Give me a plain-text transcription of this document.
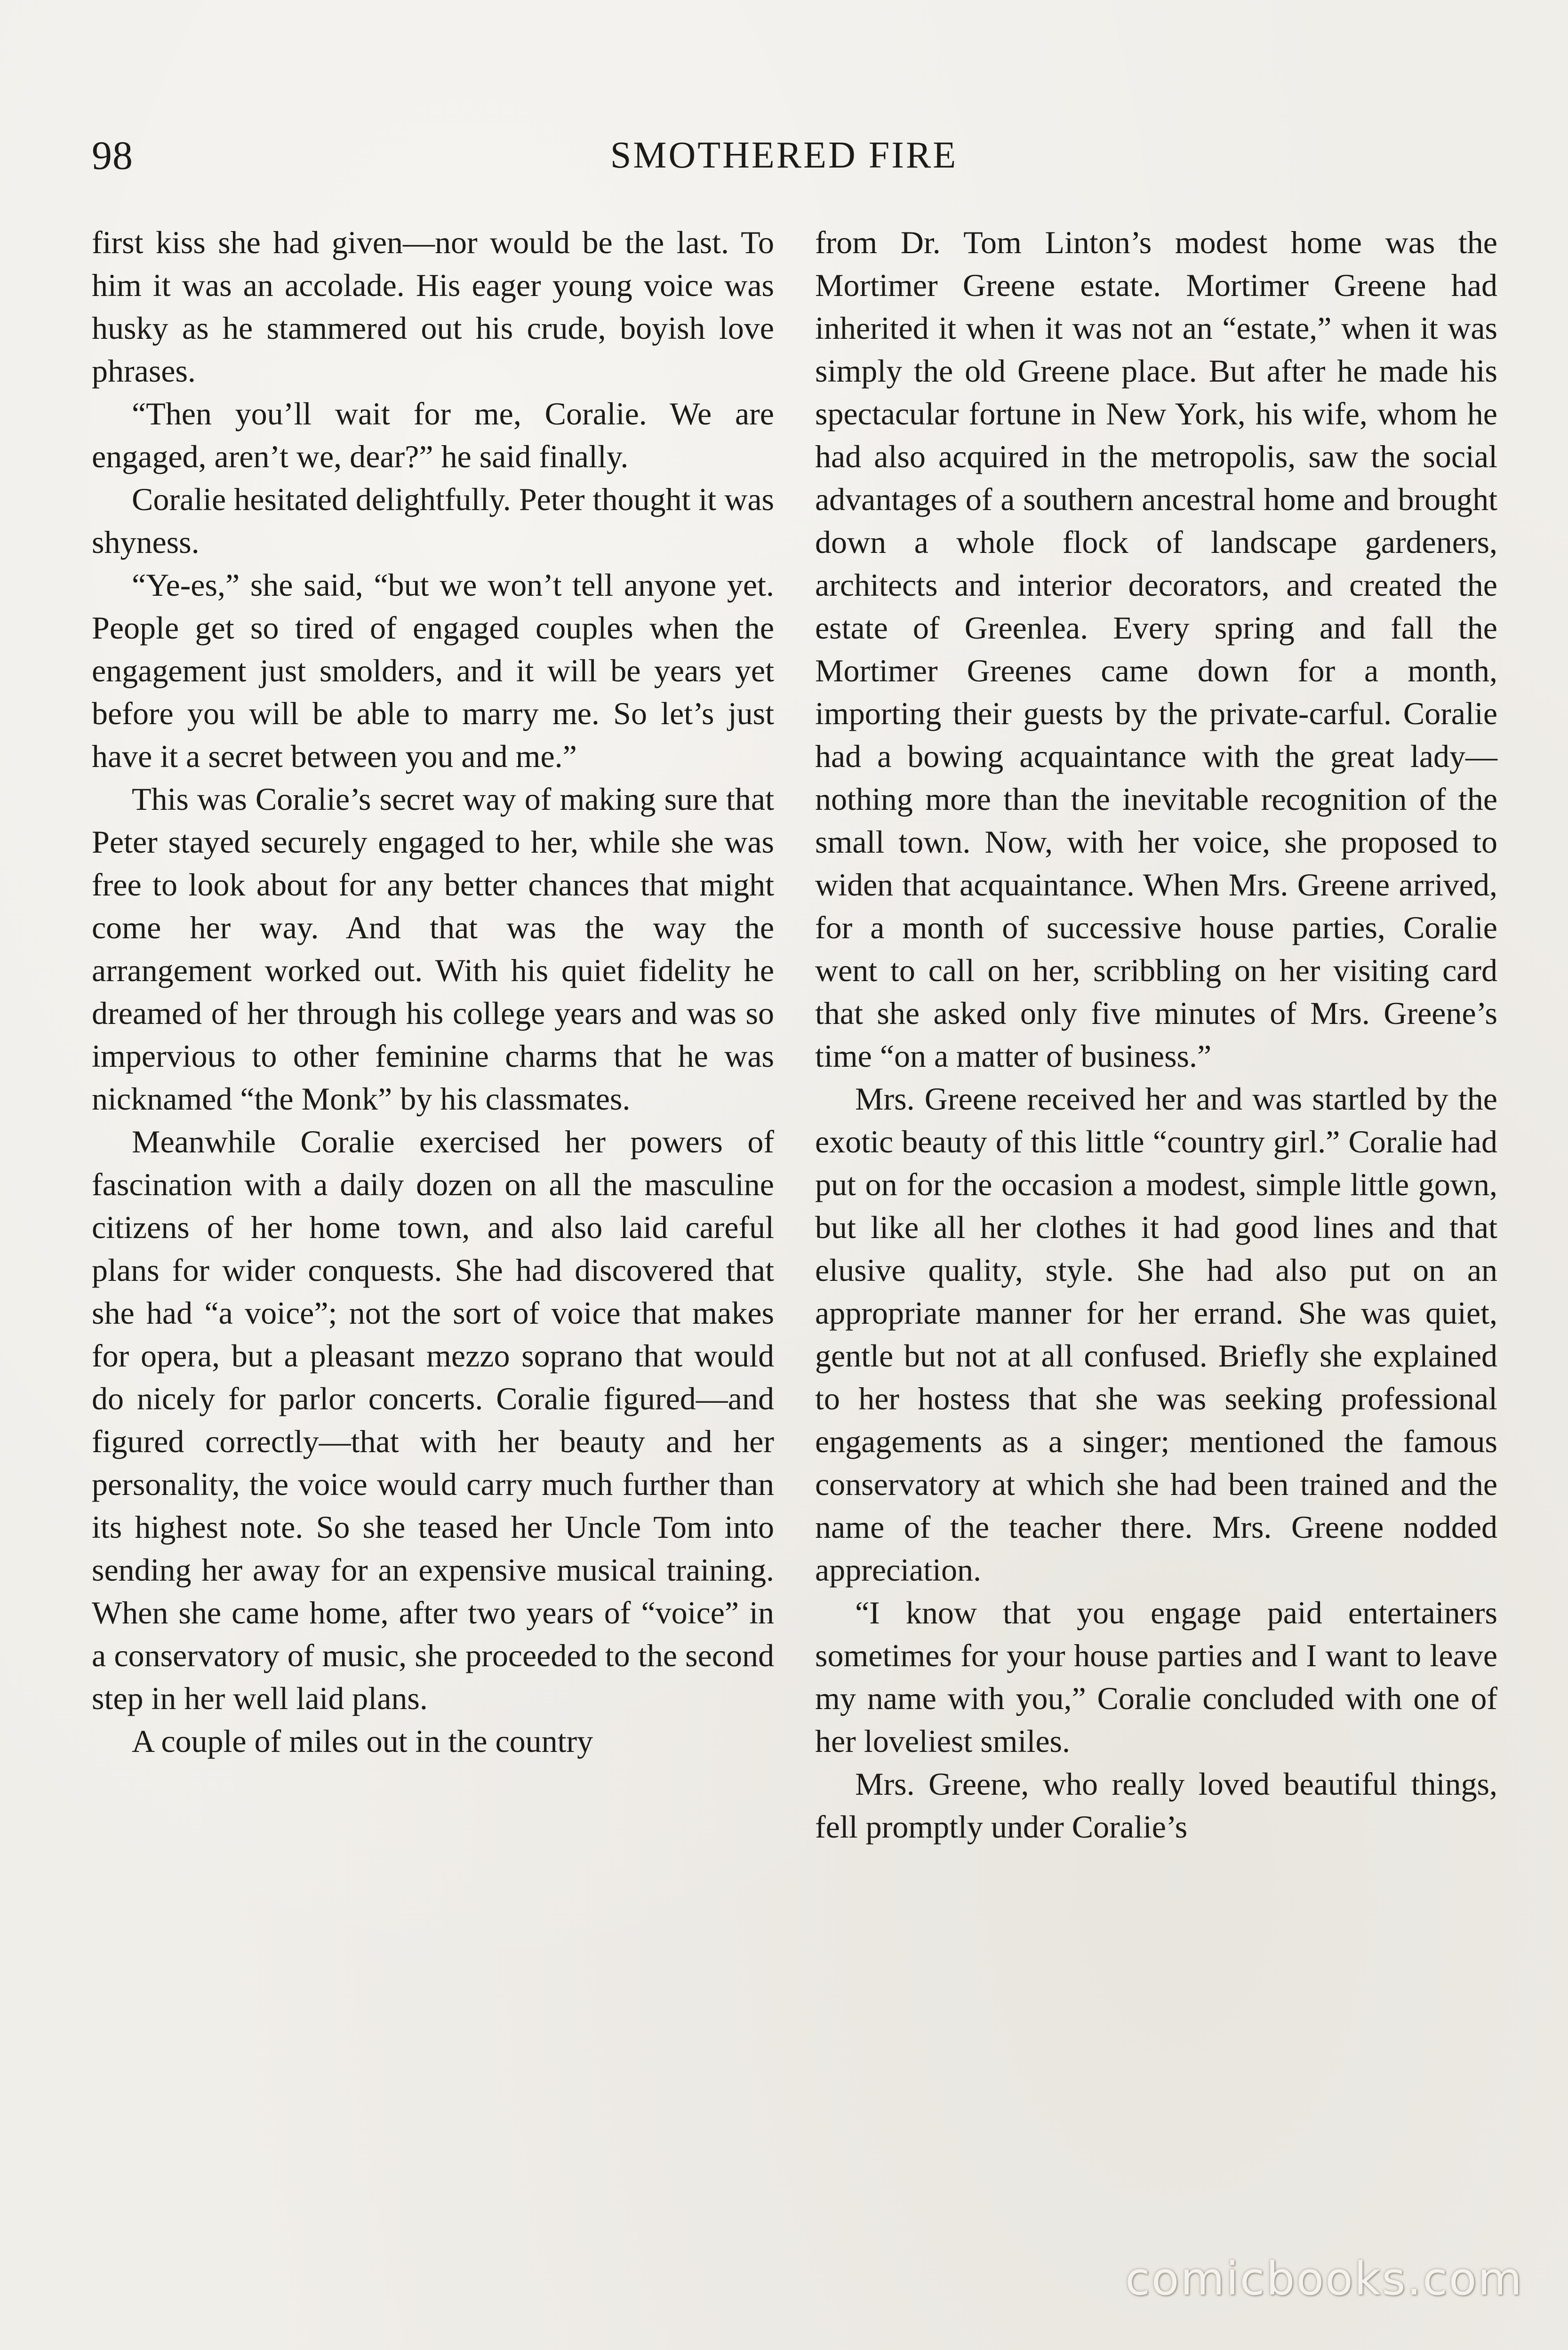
98	SMOTHERED FIRE

first kiss she had given—nor would be the last. To him it was an accolade. His eager young voice was husky as he stammered out his crude, boyish love phrases.

“Then you’ll wait for me, Coralie. We are engaged, aren’t we, dear?” he said finally.

Coralie hesitated delightfully. Peter thought it was shyness.

“Ye-es,” she said, “but we won’t tell anyone yet. People get so tired of engaged couples when the engagement just smolders, and it will be years yet before you will be able to marry me. So let’s just have it a secret between you and me.”

This was Coralie’s secret way of making sure that Peter stayed securely engaged to her, while she was free to look about for any better chances that might come her way. And that was the way the arrangement worked out. With his quiet fidelity he dreamed of her through his college years and was so impervious to other feminine charms that he was nicknamed “the Monk” by his classmates.

Meanwhile Coralie exercised her powers of fascination with a daily dozen on all the masculine citizens of her home town, and also laid careful plans for wider conquests. She had discovered that she had “a voice”; not the sort of voice that makes for opera, but a pleasant mezzo soprano that would do nicely for parlor concerts. Coralie figured—and figured correctly—that with her beauty and her personality, the voice would carry much further than its highest note. So she teased her Uncle Tom into sending her away for an expensive musical training. When she came home, after two years of “voice” in a conservatory of music, she proceeded to the second step in her well laid plans.

A couple of miles out in the country

from Dr. Tom Linton’s modest home was the Mortimer Greene estate. Mortimer Greene had inherited it when it was not an “estate,” when it was simply the old Greene place. But after he made his spectacular fortune in New York, his wife, whom he had also acquired in the metropolis, saw the social advantages of a southern ancestral home and brought down a whole flock of landscape gardeners, architects and interior decorators, and created the estate of Greenlea. Every spring and fall the Mortimer Greenes came down for a month, importing their guests by the private-carful. Coralie had a bowing acquaintance with the great lady—nothing more than the inevitable recognition of the small town. Now, with her voice, she proposed to widen that acquaintance. When Mrs. Greene arrived, for a month of successive house parties, Coralie went to call on her, scribbling on her visiting card that she asked only five minutes of Mrs. Greene’s time “on a matter of business.”

Mrs. Greene received her and was startled by the exotic beauty of this little “country girl.” Coralie had put on for the occasion a modest, simple little gown, but like all her clothes it had good lines and that elusive quality, style. She had also put on an appropriate manner for her errand. She was quiet, gentle but not at all confused. Briefly she explained to her hostess that she was seeking professional engagements as a singer; mentioned the famous conservatory at which she had been trained and the name of the teacher there. Mrs. Greene nodded appreciation.

“I know that you engage paid entertainers sometimes for your house parties and I want to leave my name with you,” Coralie concluded with one of her loveliest smiles.

Mrs. Greene, who really loved beautiful things, fell promptly under Coralie’s

comicbooks.com
